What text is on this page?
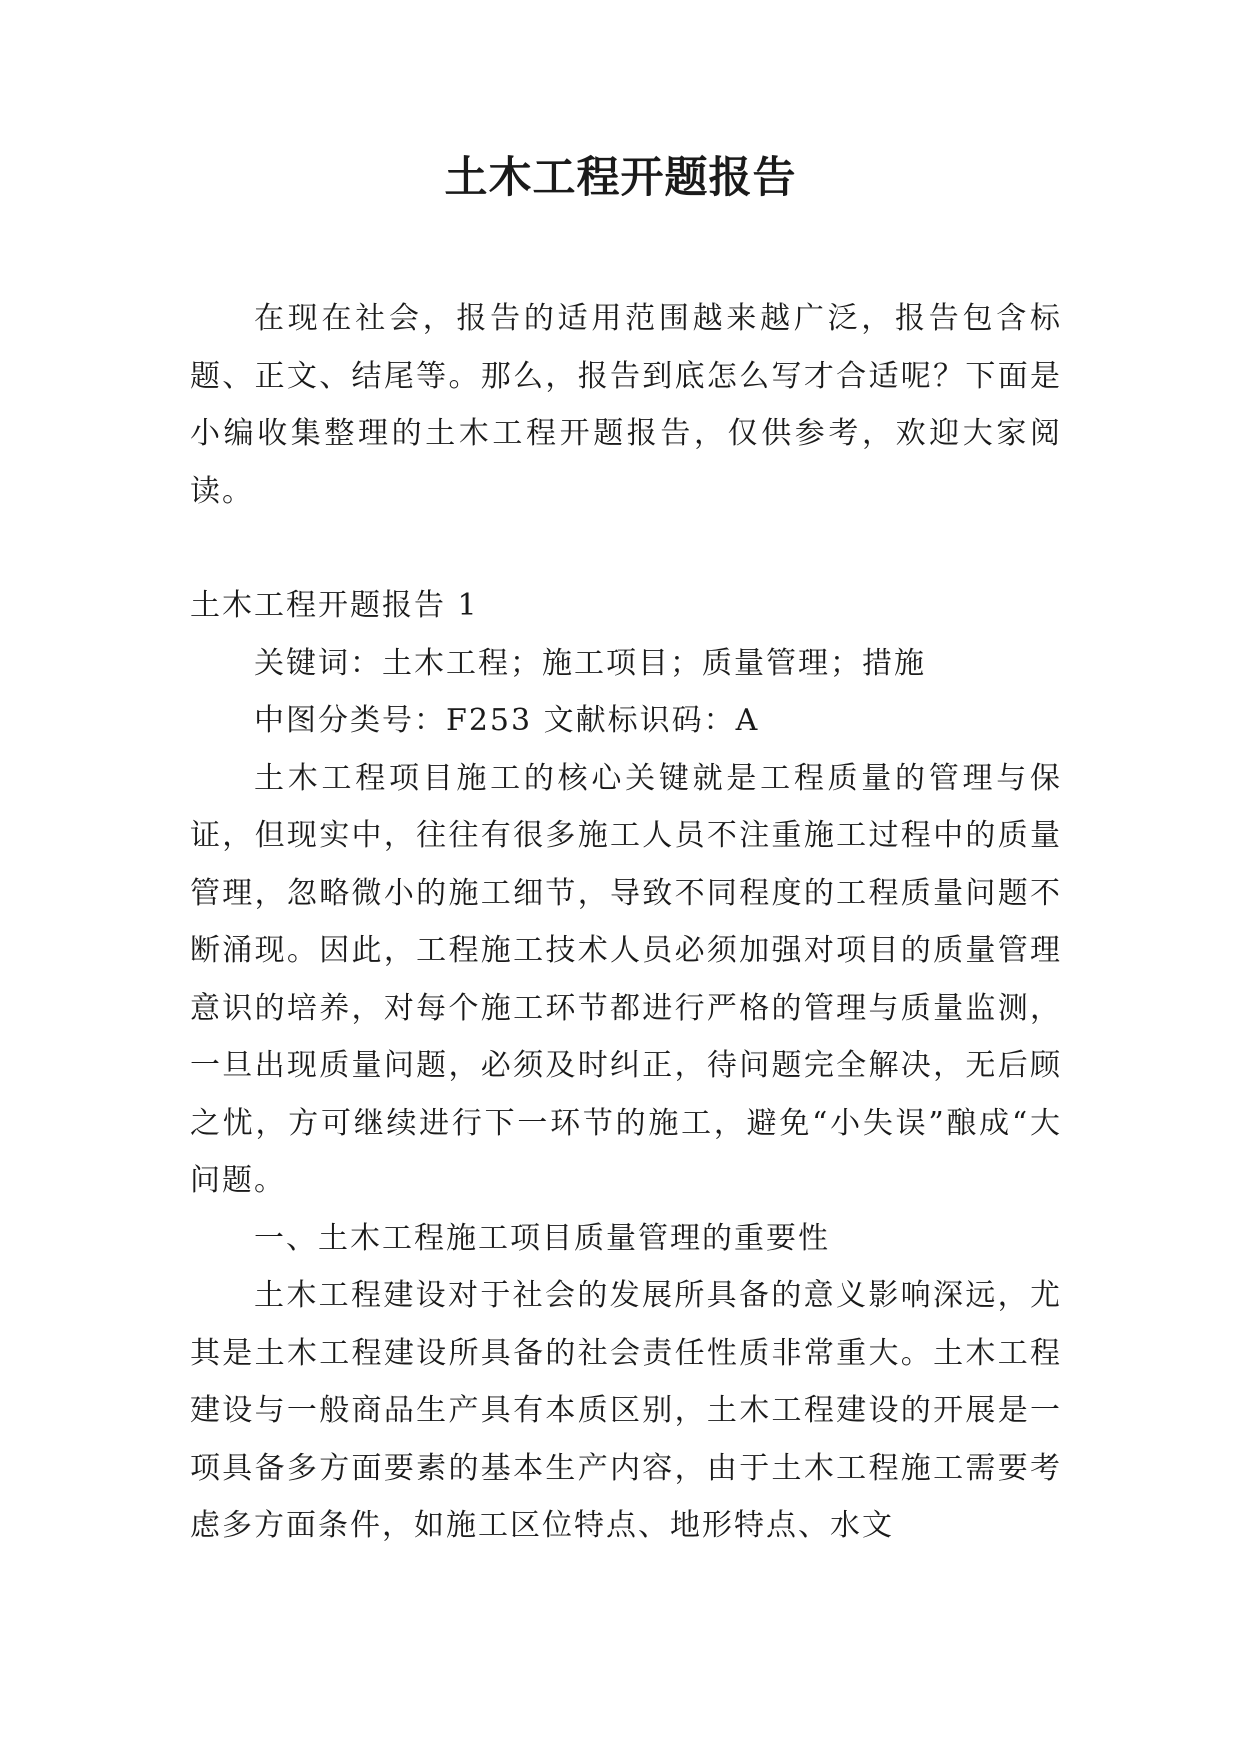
土木工程开题报告

在现在社会，报告的适用范围越来越广泛，报告包含标题、正文、结尾等。那么，报告到底怎么写才合适呢？下面是小编收集整理的土木工程开题报告，仅供参考，欢迎大家阅读。

土木工程开题报告 1

关键词：土木工程；施工项目；质量管理；措施

中图分类号：F253 文献标识码：A

土木工程项目施工的核心关键就是工程质量的管理与保证，但现实中，往往有很多施工人员不注重施工过程中的质量管理，忽略微小的施工细节，导致不同程度的工程质量问题不断涌现。因此，工程施工技术人员必须加强对项目的质量管理意识的培养，对每个施工环节都进行严格的管理与质量监测，一旦出现质量问题，必须及时纠正，待问题完全解决，无后顾之忧，方可继续进行下一环节的施工，避免“小失误”酿成“大问题。

一、土木工程施工项目质量管理的重要性

土木工程建设对于社会的发展所具备的意义影响深远，尤其是土木工程建设所具备的社会责任性质非常重大。土木工程建设与一般商品生产具有本质区别，土木工程建设的开展是一项具备多方面要素的基本生产内容，由于土木工程施工需要考虑多方面条件，如施工区位特点、地形特点、水文
